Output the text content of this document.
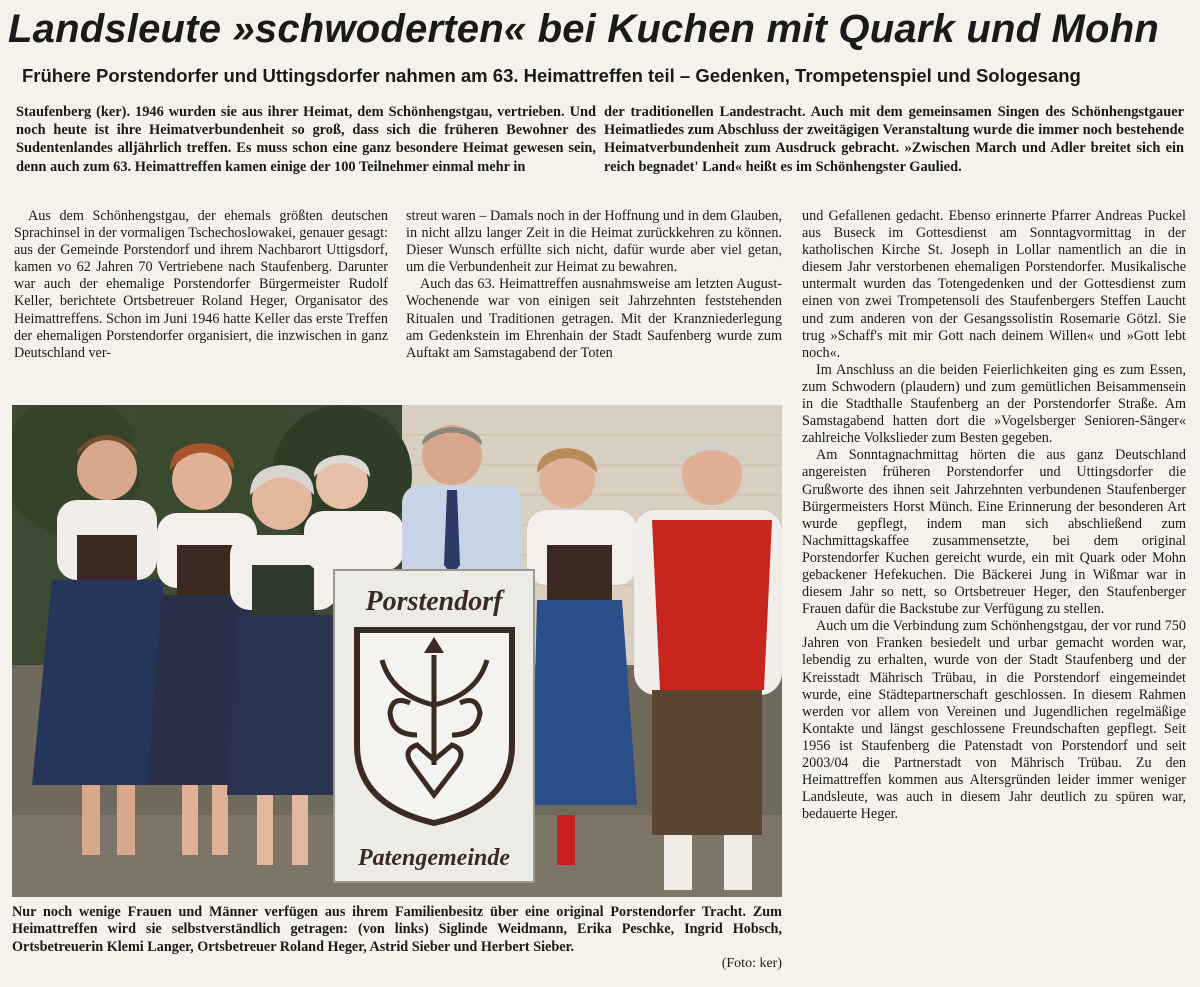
Landsleute »schwoderten« bei Kuchen mit Quark und Mohn
Frühere Porstendorfer und Uttingsdorfer nahmen am 63. Heimattreffen teil – Gedenken, Trompetenspiel und Sologesang

Staufenberg (ker). 1946 wurden sie aus ihrer Heimat, dem Schönhengstgau, vertrieben. Und noch heute ist ihre Heimatverbundenheit so groß, dass sich die früheren Bewohner des Sudentenlandes alljährlich treffen. Es muss schon eine ganz besondere Heimat gewesen sein, denn auch zum 63. Heimattreffen kamen einige der 100 Teilnehmer einmal mehr in

der traditionellen Landestracht. Auch mit dem gemeinsamen Singen des Schönhengstgauer Heimatliedes zum Abschluss der zweitägigen Veranstaltung wurde die immer noch bestehende Heimatverbundenheit zum Ausdruck gebracht. »Zwischen March und Adler breitet sich ein reich begnadet' Land« heißt es im Schönhengster Gaulied.

Aus dem Schönhengstgau, der ehemals größten deutschen Sprachinsel in der vormaligen Tschechoslowakei, genauer gesagt: aus der Gemeinde Porstendorf und ihrem Nachbarort Uttigsdorf, kamen vo 62 Jahren 70 Vertriebene nach Staufenberg. Darunter war auch der ehemalige Porstendorfer Bürgermeister Rudolf Keller, berichtete Ortsbetreuer Roland Heger, Organisator des Heimattreffens. Schon im Juni 1946 hatte Keller das erste Treffen der ehemaligen Porstendorfer organisiert, die inzwischen in ganz Deutschland ver-

streut waren – Damals noch in der Hoffnung und in dem Glauben, in nicht allzu langer Zeit in die Heimat zurückkehren zu können. Dieser Wunsch erfüllte sich nicht, dafür wurde aber viel getan, um die Verbundenheit zur Heimat zu bewahren.

Auch das 63. Heimattreffen ausnahmsweise am letzten August-Wochenende war von einigen seit Jahrzehnten feststehenden Ritualen und Traditionen getragen. Mit der Kranzniederlegung am Gedenkstein im Ehrenhain der Stadt Saufenberg wurde zum Auftakt am Samstagabend der Toten

und Gefallenen gedacht. Ebenso erinnerte Pfarrer Andreas Puckel aus Buseck im Gottesdienst am Sonntagvormittag in der katholischen Kirche St. Joseph in Lollar namentlich an die in diesem Jahr verstorbenen ehemaligen Porstendorfer. Musikalische untermalt wurden das Totengedenken und der Gottesdienst zum einen von zwei Trompetensoli des Staufenbergers Steffen Laucht und zum anderen von der Gesangssolistin Rosemarie Götzl. Sie trug »Schaff's mit mir Gott nach deinem Willen« und »Gott lebt noch«.

Im Anschluss an die beiden Feierlichkeiten ging es zum Essen, zum Schwodern (plaudern) und zum gemütlichen Beisammensein in die Stadthalle Staufenberg an der Porstendorfer Straße. Am Samstagabend hatten dort die »Vogelsberger Senioren-Sänger« zahlreiche Volkslieder zum Besten gegeben.

Am Sonntagnachmittag hörten die aus ganz Deutschland angereisten früheren Porstendorfer und Uttingsdorfer die Grußworte des ihnen seit Jahrzehnten verbundenen Staufenberger Bürgermeisters Horst Münch. Eine Erinnerung der besonderen Art wurde gepflegt, indem man sich abschließend zum Nachmittagskaffee zusammensetzte, bei dem original Porstendorfer Kuchen gereicht wurde, ein mit Quark oder Mohn gebackener Hefekuchen. Die Bäckerei Jung in Wißmar war in diesem Jahr so nett, so Ortsbetreuer Heger, den Staufenberger Frauen dafür die Backstube zur Verfügung zu stellen.

Auch um die Verbindung zum Schönhengstgau, der vor rund 750 Jahren von Franken besiedelt und urbar gemacht worden war, lebendig zu erhalten, wurde von der Stadt Staufenberg und der Kreisstadt Mährisch Trübau, in die Porstendorf eingemeindet wurde, eine Städtepartnerschaft geschlossen. In diesem Rahmen werden vor allem von Vereinen und Jugendlichen regelmäßige Kontakte und längst geschlossene Freundschaften gepflegt. Seit 1956 ist Staufenberg die Patenstadt von Porstendorf und seit 2003/04 die Partnerstadt von Mährisch Trübau. Zu den Heimattreffen kommen aus Altersgründen leider immer weniger Landsleute, was auch in diesem Jahr deutlich zu spüren war, bedauerte Heger.

Porstendorf
Patengemeinde
Nur noch wenige Frauen und Männer verfügen aus ihrem Familienbesitz über eine original Porstendorfer Tracht. Zum Heimattreffen wird sie selbstverständlich getragen: (von links) Siglinde Weidmann, Erika Peschke, Ingrid Hobsch, Ortsbetreuerin Klemi Langer, Ortsbetreuer Roland Heger, Astrid Sieber und Herbert Sieber.
(Foto: ker)
